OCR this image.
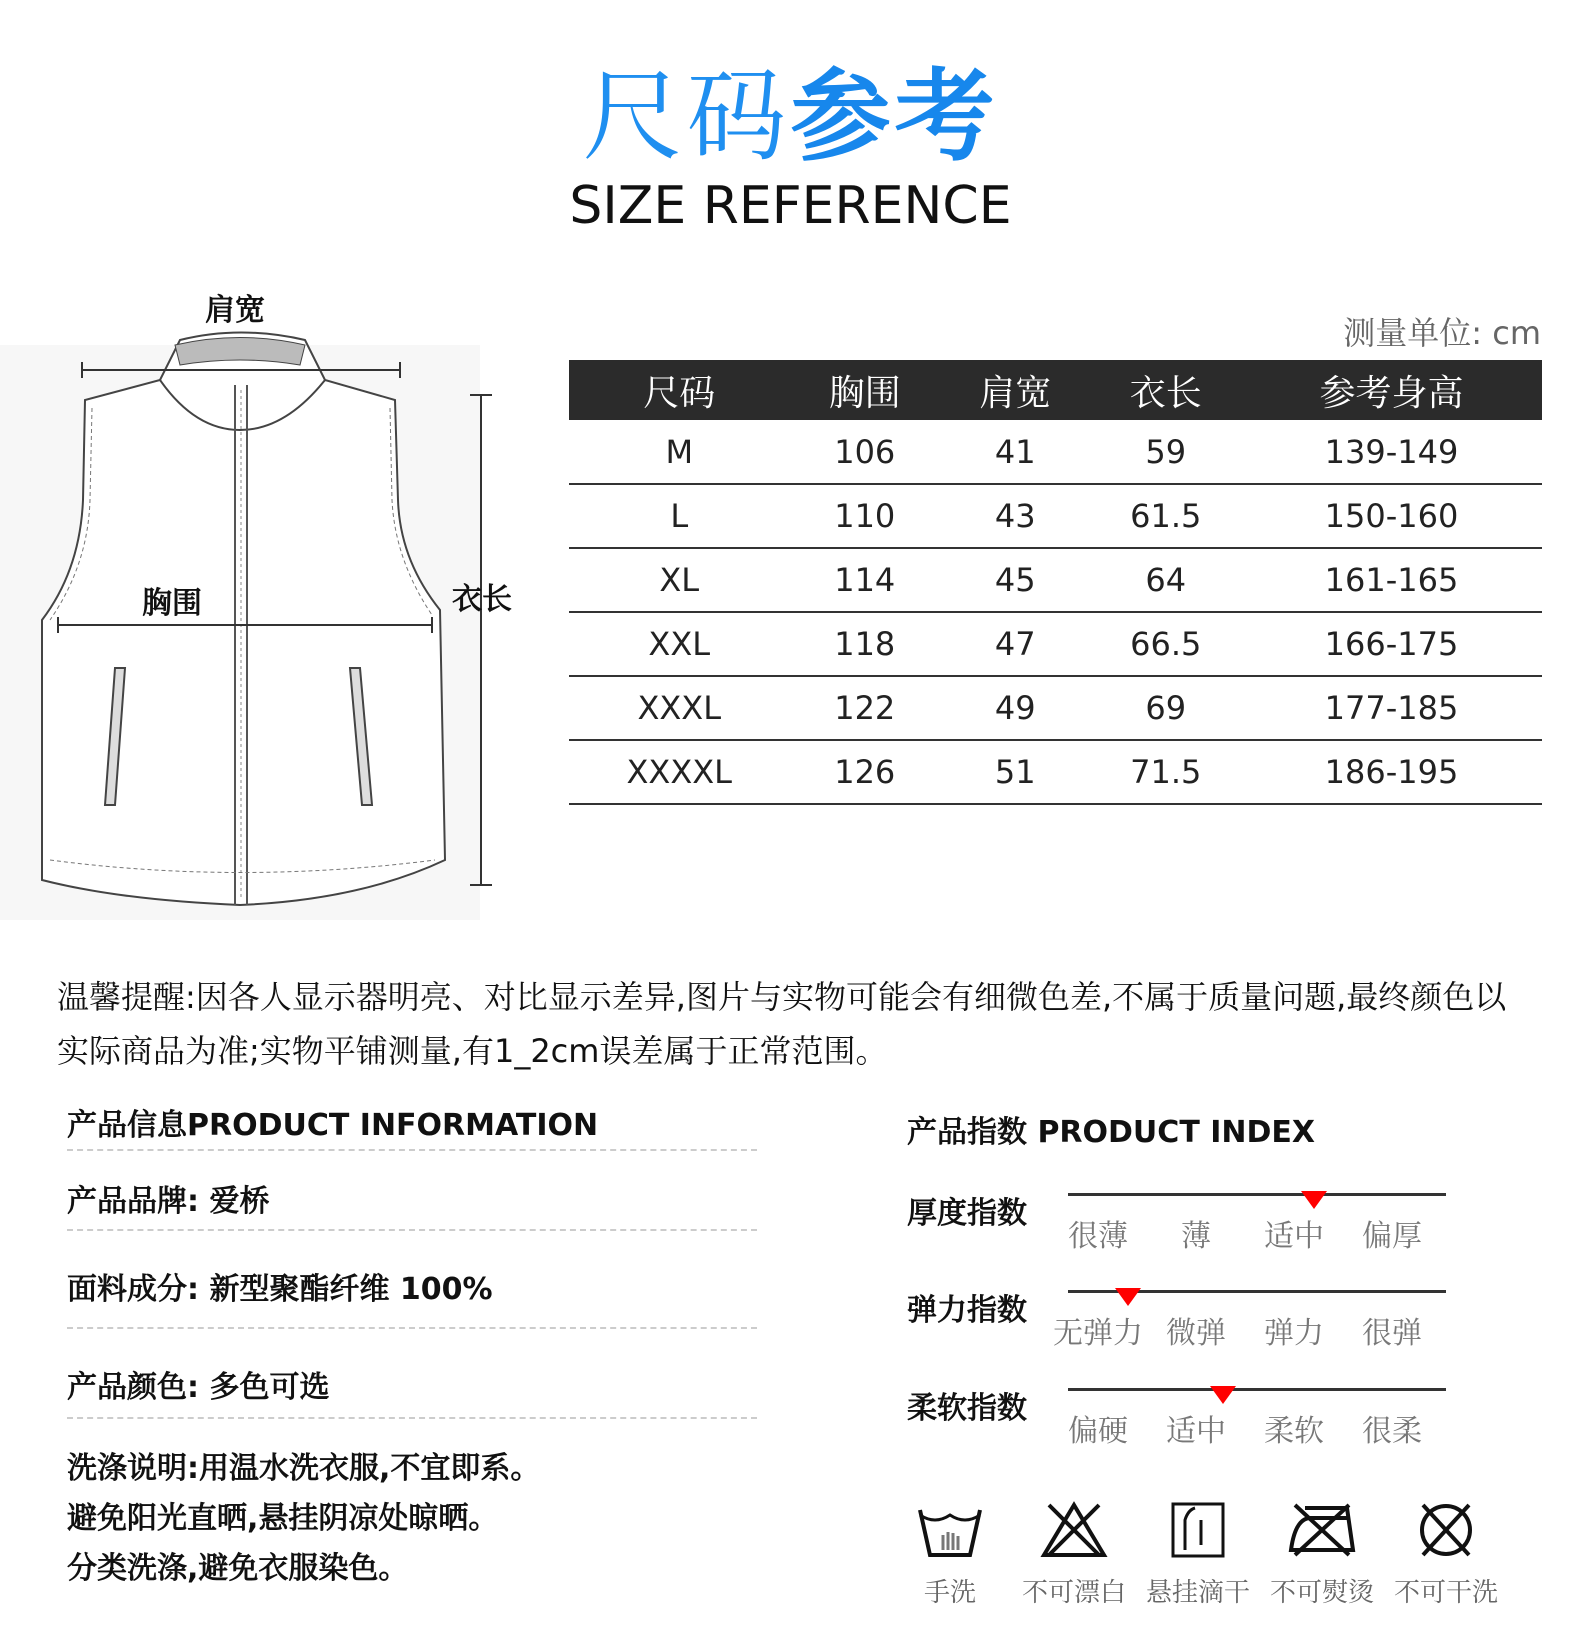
尺码参考
SIZE REFERENCE
肩宽
胸围	衣长
测量单位: cm
尺码	胸围	肩宽	衣长	参考身高
M	106	41	59	139-149
L	110	43	61.5	150-160
XL	114	45	64	161-165
XXL	118	47	66.5	166-175
XXXL	122	49	69	177-185
XXXXL	126	51	71.5	186-195
温馨提醒:因各人显示器明亮、对比显示差异,图片与实物可能会有细微色差,不属于质量问题,最终颜色以实际商品为准;实物平铺测量,有1_2cm误差属于正常范围。
产品信息PRODUCT INFORMATION
产品品牌: 爱桥
面料成分: 新型聚酯纤维 100%
产品颜色: 多色可选
洗涤说明:用温水洗衣服,不宜即系。
避免阳光直晒,悬挂阴凉处晾晒。
分类洗涤,避免衣服染色。
产品指数 PRODUCT INDEX
厚度指数
很薄	薄	适中	偏厚
弹力指数
无弹力 微弹	弹力	很弹
柔软指数
偏硬	适中	柔软	很柔
手洗	不可漂白 悬挂滴干 不可熨烫 不可干洗
